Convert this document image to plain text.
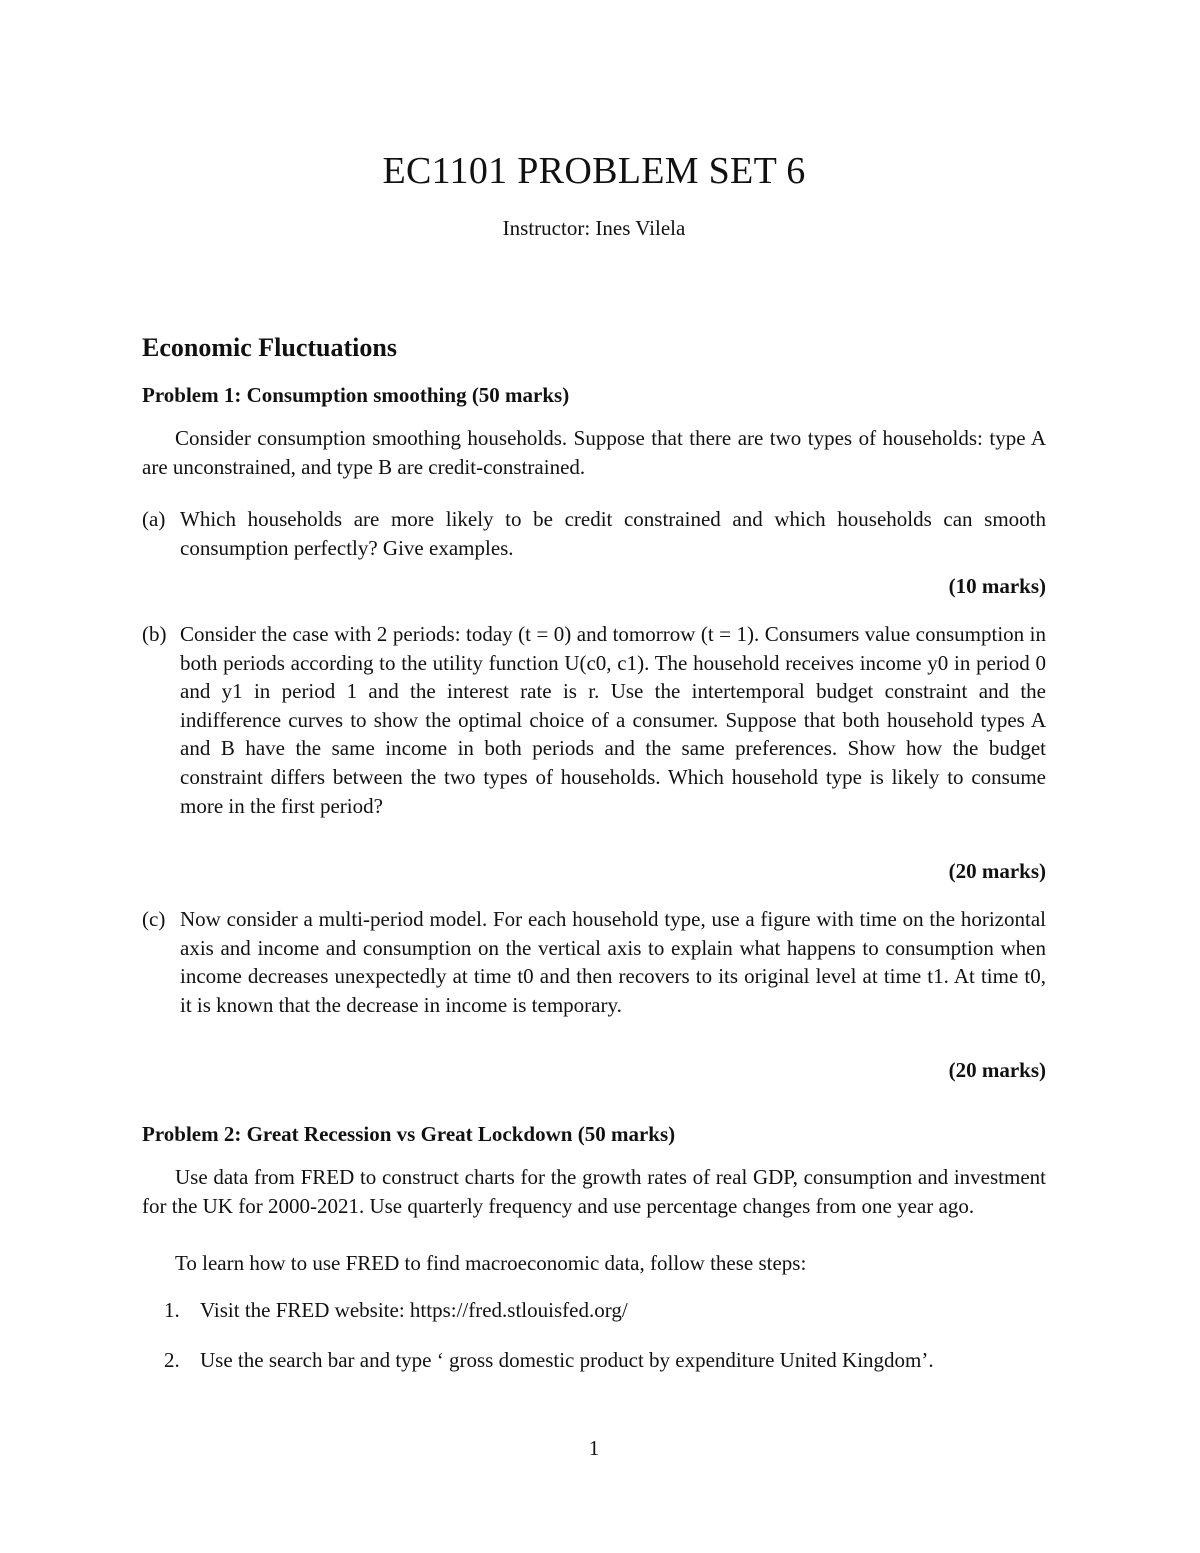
EC1101 PROBLEM SET 6
Instructor: Ines Vilela
Economic Fluctuations
Problem 1: Consumption smoothing (50 marks)
Consider consumption smoothing households. Suppose that there are two types of households: type A are unconstrained, and type B are credit-constrained.
(a) Which households are more likely to be credit constrained and which households can smooth consumption perfectly? Give examples.
(10 marks)
(b) Consider the case with 2 periods: today (t = 0) and tomorrow (t = 1). Consumers value consumption in both periods according to the utility function U(c0, c1). The household receives income y0 in period 0 and y1 in period 1 and the interest rate is r. Use the intertemporal budget constraint and the indifference curves to show the optimal choice of a consumer. Suppose that both household types A and B have the same income in both periods and the same preferences. Show how the budget constraint differs between the two types of households. Which household type is likely to consume more in the first period?
(20 marks)
(c) Now consider a multi-period model. For each household type, use a figure with time on the horizontal axis and income and consumption on the vertical axis to explain what happens to consumption when income decreases unexpectedly at time t0 and then recovers to its original level at time t1. At time t0, it is known that the decrease in income is temporary.
(20 marks)
Problem 2: Great Recession vs Great Lockdown (50 marks)
Use data from FRED to construct charts for the growth rates of real GDP, consumption and investment for the UK for 2000-2021. Use quarterly frequency and use percentage changes from one year ago.
To learn how to use FRED to find macroeconomic data, follow these steps:
1. Visit the FRED website: https://fred.stlouisfed.org/
2. Use the search bar and type ‘ gross domestic product by expenditure United Kingdom’.
1
